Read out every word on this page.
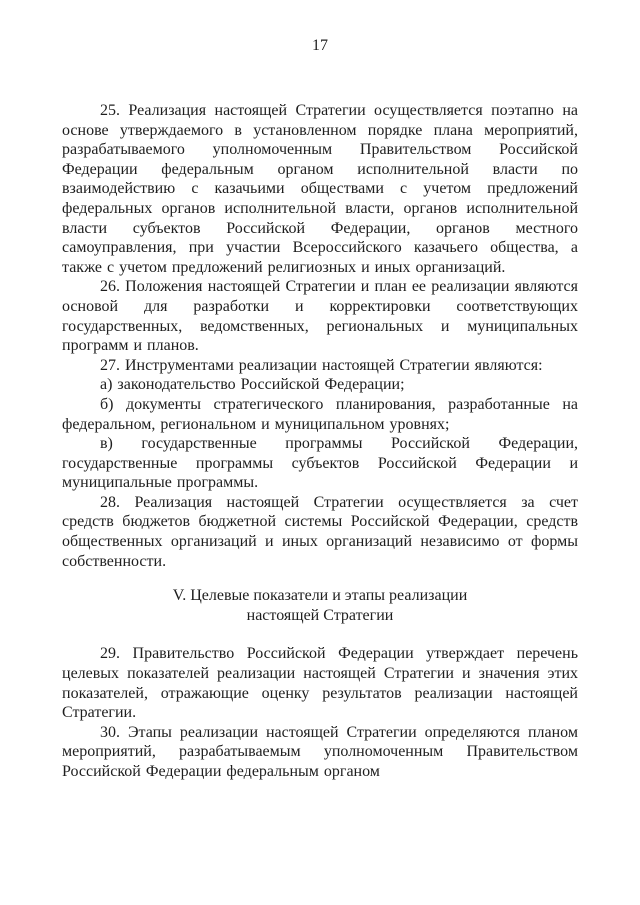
17

25. Реализация настоящей Стратегии осуществляется поэтапно на основе утверждаемого в установленном порядке плана мероприятий, разрабатываемого уполномоченным Правительством Российской Федерации федеральным органом исполнительной власти по взаимодействию с казачьими обществами с учетом предложений федеральных органов исполнительной власти, органов исполнительной власти субъектов Российской Федерации, органов местного самоуправления, при участии Всероссийского казачьего общества, а также с учетом предложений религиозных и иных организаций.

26. Положения настоящей Стратегии и план ее реализации являются основой для разработки и корректировки соответствующих государственных, ведомственных, региональных и муниципальных программ и планов.

27. Инструментами реализации настоящей Стратегии являются:

а) законодательство Российской Федерации;

б) документы стратегического планирования, разработанные на федеральном, региональном и муниципальном уровнях;

в) государственные программы Российской Федерации, государственные программы субъектов Российской Федерации и муниципальные программы.

28. Реализация настоящей Стратегии осуществляется за счет средств бюджетов бюджетной системы Российской Федерации, средств общественных организаций и иных организаций независимо от формы собственности.

V. Целевые показатели и этапы реализации
настоящей Стратегии

29. Правительство Российской Федерации утверждает перечень целевых показателей реализации настоящей Стратегии и значения этих показателей, отражающие оценку результатов реализации настоящей Стратегии.

30. Этапы реализации настоящей Стратегии определяются планом мероприятий, разрабатываемым уполномоченным Правительством Российской Федерации федеральным органом
